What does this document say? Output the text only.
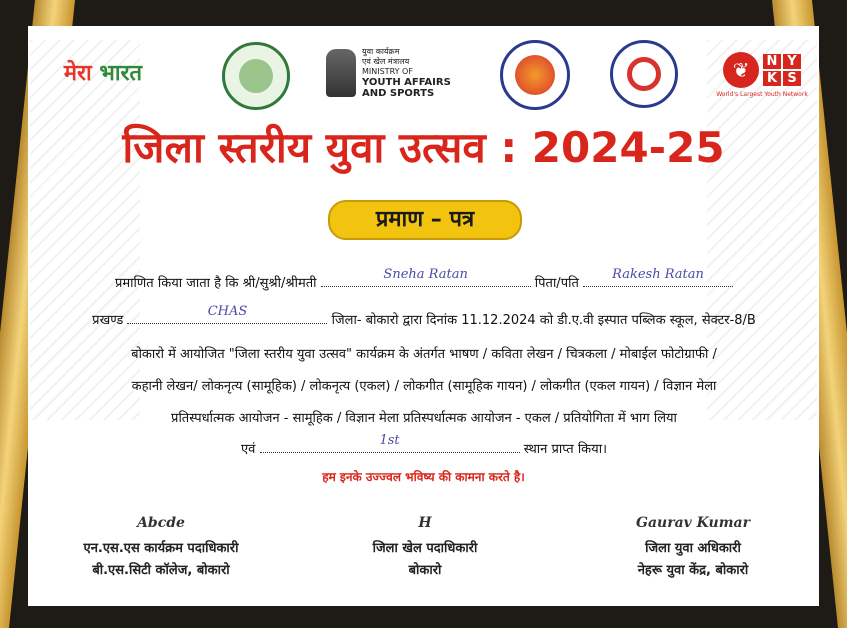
मेरा भारत
युवा कार्यक्रम
एवं खेल मंत्रालय
MINISTRY OF
YOUTH AFFAIRS
AND SPORTS
❦	N Y
K S
World's Largest Youth Network
जिला स्तरीय युवा उत्सव : 2024-25
प्रमाण – पत्र
प्रमाणित किया जाता है कि श्री/सुश्री/श्रीमती
Sneha Ratan
पिता/पति
Rakesh Ratan
प्रखण्ड
CHAS
जिला- बोकारो द्वारा दिनांक 11.12.2024 को डी.ए.वी इस्पात पब्लिक स्कूल, सेक्टर-8/B
बोकारो में आयोजित "जिला स्तरीय युवा उत्सव" कार्यक्रम के अंतर्गत भाषण / कविता लेखन / चित्रकला / मोबाईल फोटोग्राफी /
कहानी लेखन/ लोकनृत्य (सामूहिक) / लोकनृत्य (एकल) / लोकगीत (सामूहिक गायन) / लोकगीत (एकल गायन) / विज्ञान मेला
प्रतिस्पर्धात्मक आयोजन - सामूहिक / विज्ञान मेला प्रतिस्पर्धात्मक आयोजन - एकल / प्रतियोगिता में भाग लिया
एवं
1st
स्थान प्राप्त किया।
हम इनके उज्ज्वल भविष्य की कामना करते है।
Abcde
एन.एस.एस कार्यक्रम पदाधिकारी
बी.एस.सिटी कॉलेज, बोकारो
H
जिला खेल पदाधिकारी
बोकारो
Gaurav Kumar
जिला युवा अधिकारी
नेहरू युवा केंद्र, बोकारो
